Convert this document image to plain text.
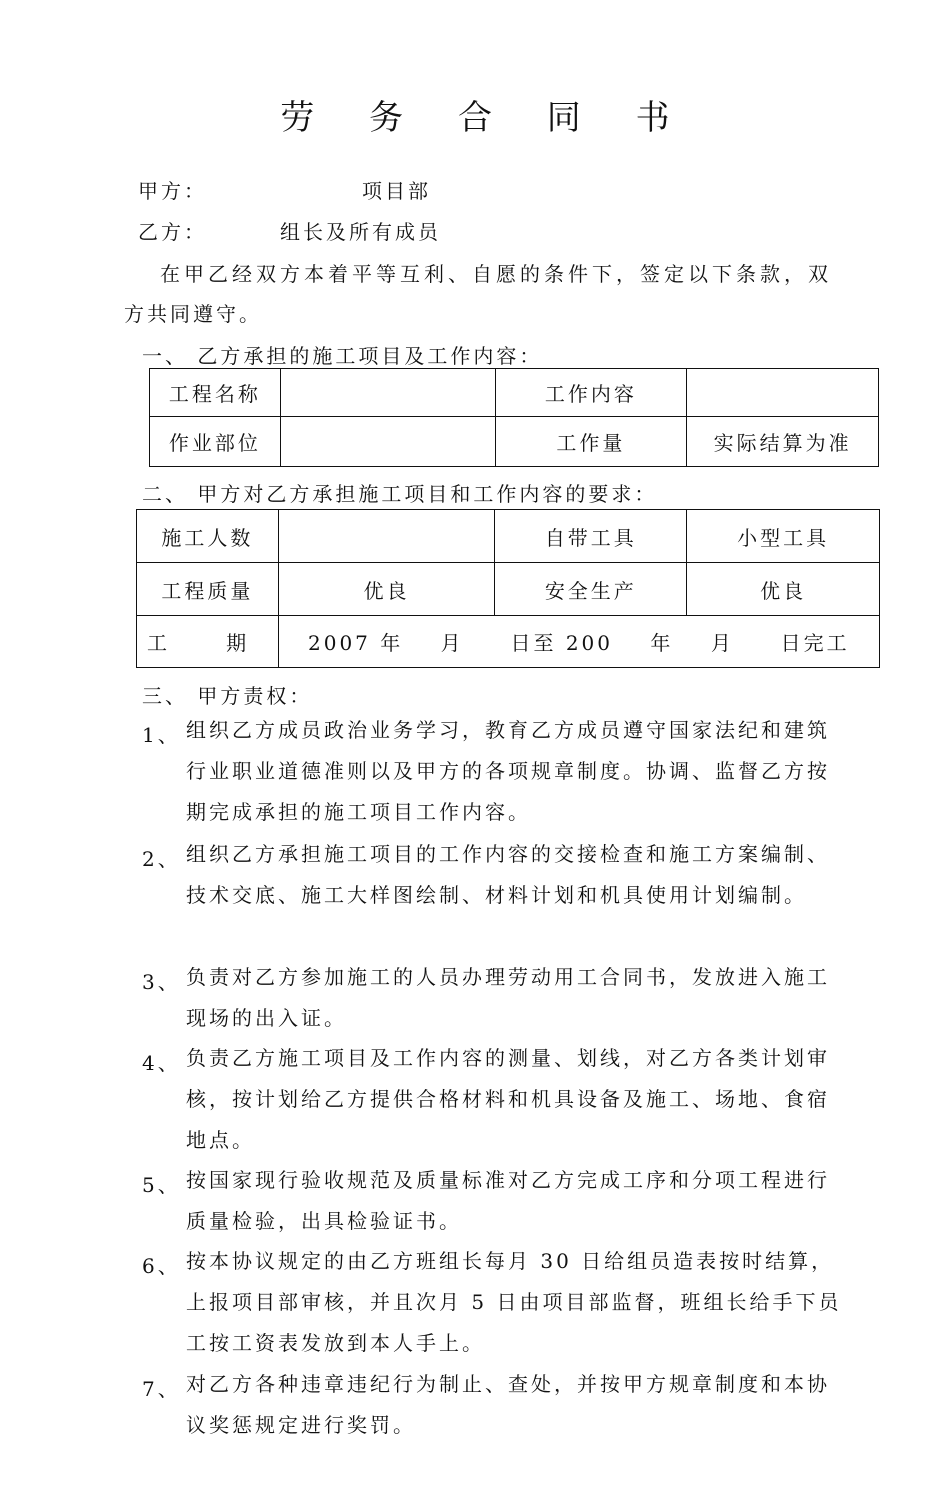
劳 务 合 同 书
甲方：	项目部
乙方：	组长及所有成员
在甲乙经双方本着平等互利、自愿的条件下，签定以下条款，双
方共同遵守。
一、 乙方承担的施工项目及工作内容：
工程名称		工作内容	
作业部位		工作量	实际结算为准
二、 甲方对乙方承担施工项目和工作内容的要求：
施工人数		自带工具	小型工具
工程质量	优良	安全生产	优良
工      期	2007 年    月     日至 200    年    月     日完工		
三、 甲方责权：
1、 组织乙方成员政治业务学习，教育乙方成员遵守国家法纪和建筑行业职业道德准则以及甲方的各项规章制度。协调、监督乙方按期完成承担的施工项目工作内容。
2、 组织乙方承担施工项目的工作内容的交接检查和施工方案编制、技术交底、施工大样图绘制、材料计划和机具使用计划编制。
3、 负责对乙方参加施工的人员办理劳动用工合同书，发放进入施工现场的出入证。
4、 负责乙方施工项目及工作内容的测量、划线，对乙方各类计划审核，按计划给乙方提供合格材料和机具设备及施工、场地、食宿地点。
5、 按国家现行验收规范及质量标准对乙方完成工序和分项工程进行质量检验，出具检验证书。
6、 按本协议规定的由乙方班组长每月 30 日给组员造表按时结算，上报项目部审核，并且次月 5 日由项目部监督，班组长给手下员工按工资表发放到本人手上。
7、 对乙方各种违章违纪行为制止、查处，并按甲方规章制度和本协议奖惩规定进行奖罚。
